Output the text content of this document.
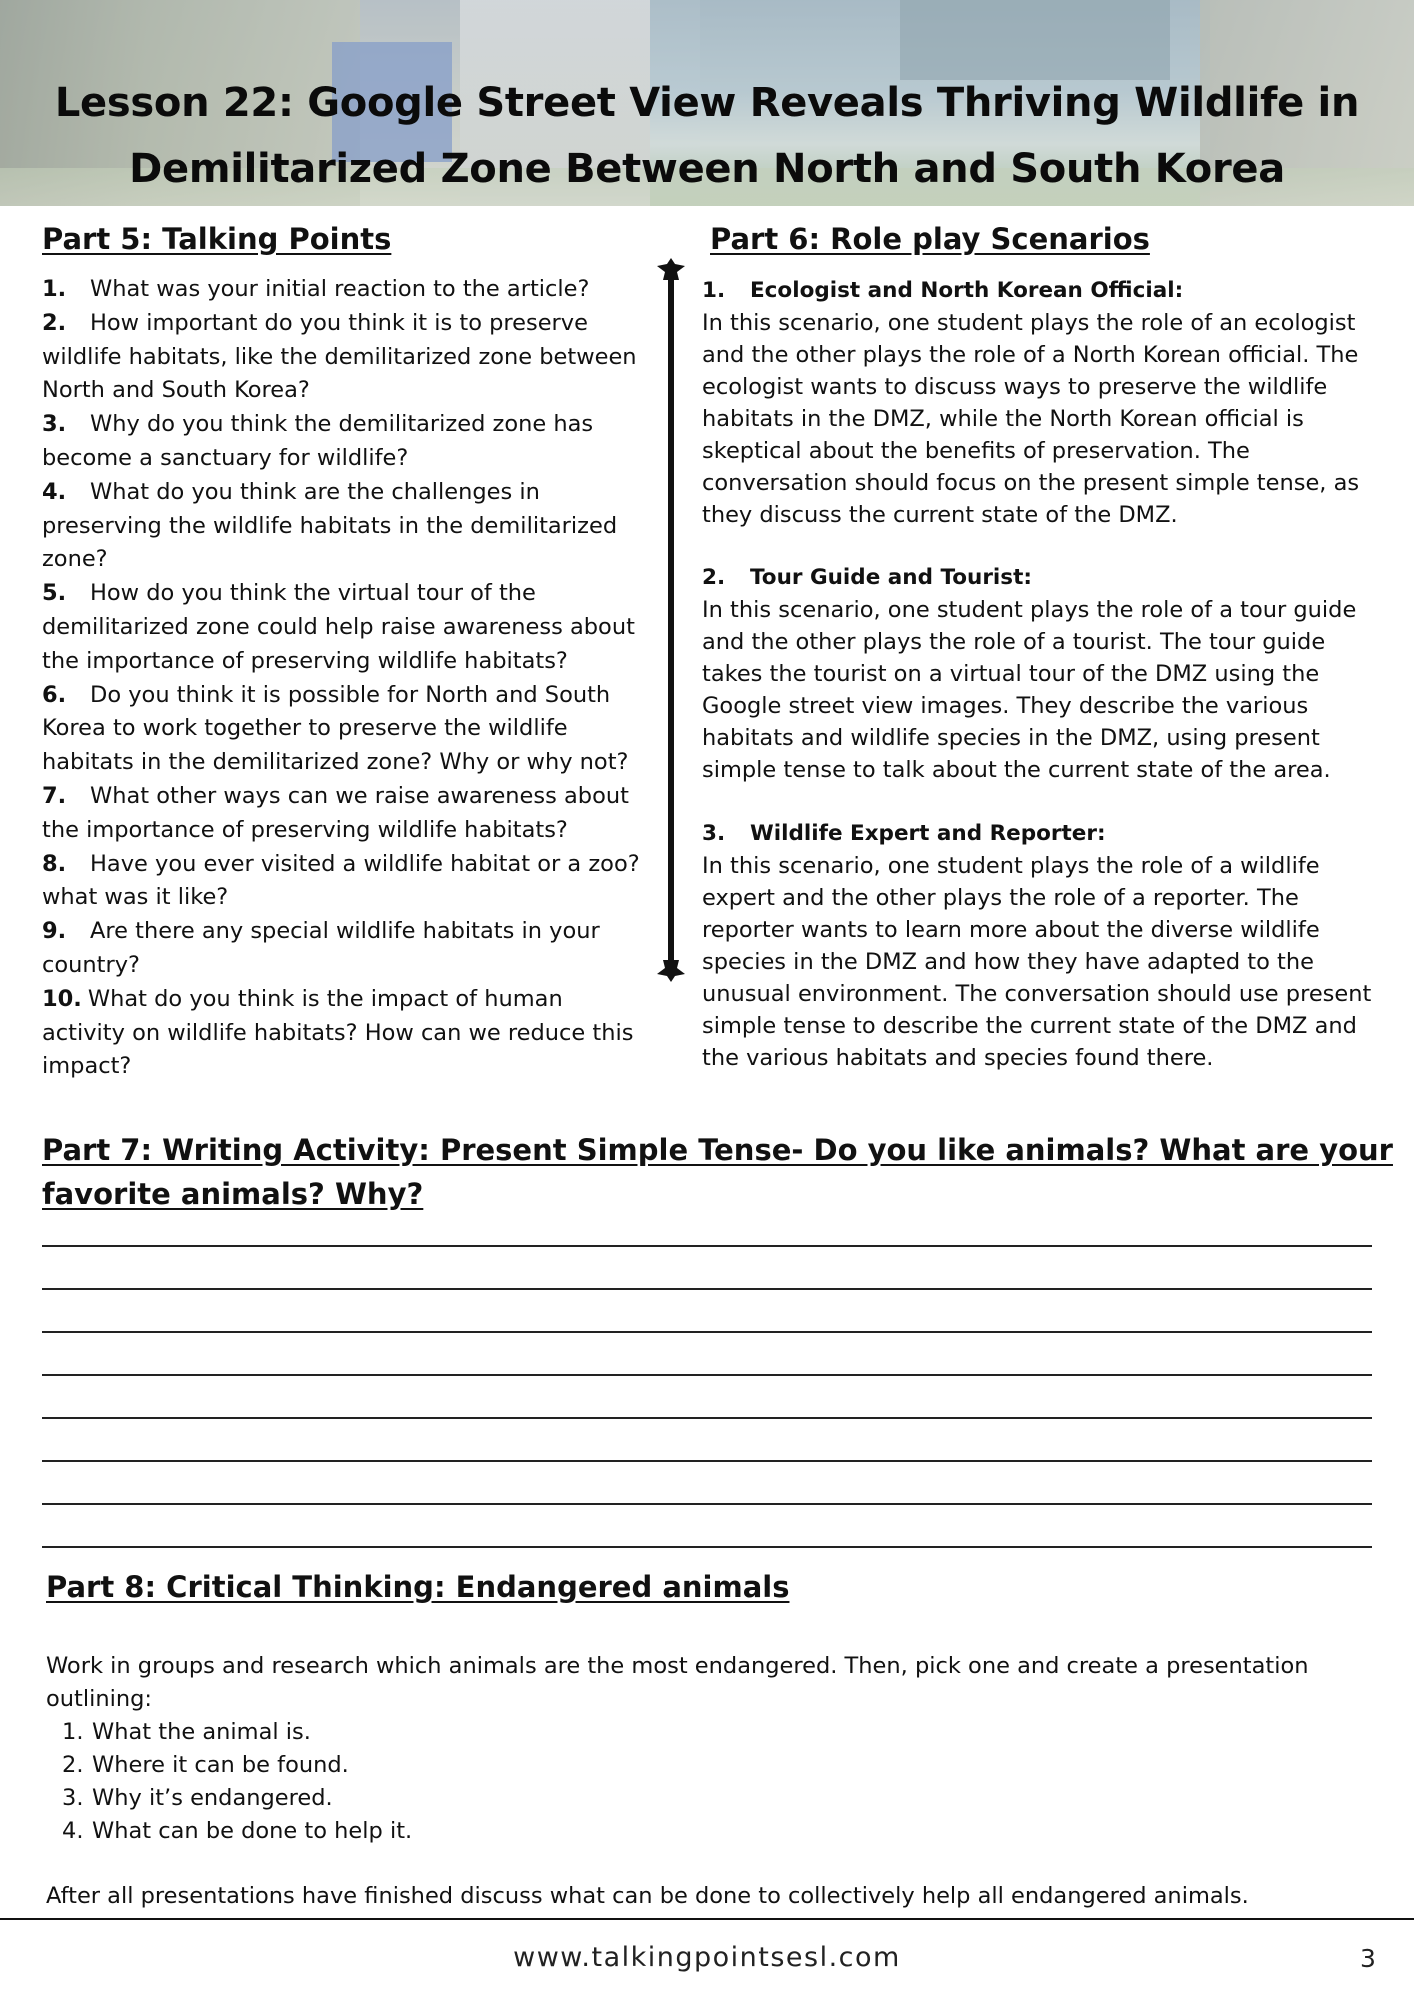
Lesson 22: Google Street View Reveals Thriving Wildlife in
Demilitarized Zone Between North and South Korea
Part 5: Talking Points
1. What was your initial reaction to the article?
2. How important do you think it is to preserve wildlife habitats, like the demilitarized zone between North and South Korea?
3. Why do you think the demilitarized zone has become a sanctuary for wildlife?
4. What do you think are the challenges in preserving the wildlife habitats in the demilitarized zone?
5. How do you think the virtual tour of the demilitarized zone could help raise awareness about the importance of preserving wildlife habitats?
6. Do you think it is possible for North and South Korea to work together to preserve the wildlife habitats in the demilitarized zone? Why or why not?
7. What other ways can we raise awareness about the importance of preserving wildlife habitats?
8. Have you ever visited a wildlife habitat or a zoo? what was it like?
9. Are there any special wildlife habitats in your country?
10. What do you think is the impact of human activity on wildlife habitats? How can we reduce this impact?
Part 6: Role play Scenarios
1. Ecologist and North Korean Official:
In this scenario, one student plays the role of an ecologist and the other plays the role of a North Korean official. The ecologist wants to discuss ways to preserve the wildlife habitats in the DMZ, while the North Korean official is skeptical about the benefits of preservation. The conversation should focus on the present simple tense, as they discuss the current state of the DMZ.
2. Tour Guide and Tourist:
In this scenario, one student plays the role of a tour guide and the other plays the role of a tourist. The tour guide takes the tourist on a virtual tour of the DMZ using the Google street view images. They describe the various habitats and wildlife species in the DMZ, using present simple tense to talk about the current state of the area.
3. Wildlife Expert and Reporter:
In this scenario, one student plays the role of a wildlife expert and the other plays the role of a reporter. The reporter wants to learn more about the diverse wildlife species in the DMZ and how they have adapted to the unusual environment. The conversation should use present simple tense to describe the current state of the DMZ and the various habitats and species found there.
Part 7: Writing Activity: Present Simple Tense- Do you like animals? What are your
favorite animals? Why?
Part 8: Critical Thinking: Endangered animals
Work in groups and research which animals are the most endangered. Then, pick one and create a presentation
outlining:
1. What the animal is.
2. Where it can be found.
3. Why it’s endangered.
4. What can be done to help it.
After all presentations have finished discuss what can be done to collectively help all endangered animals.
www.talkingpointsesl.com	3
